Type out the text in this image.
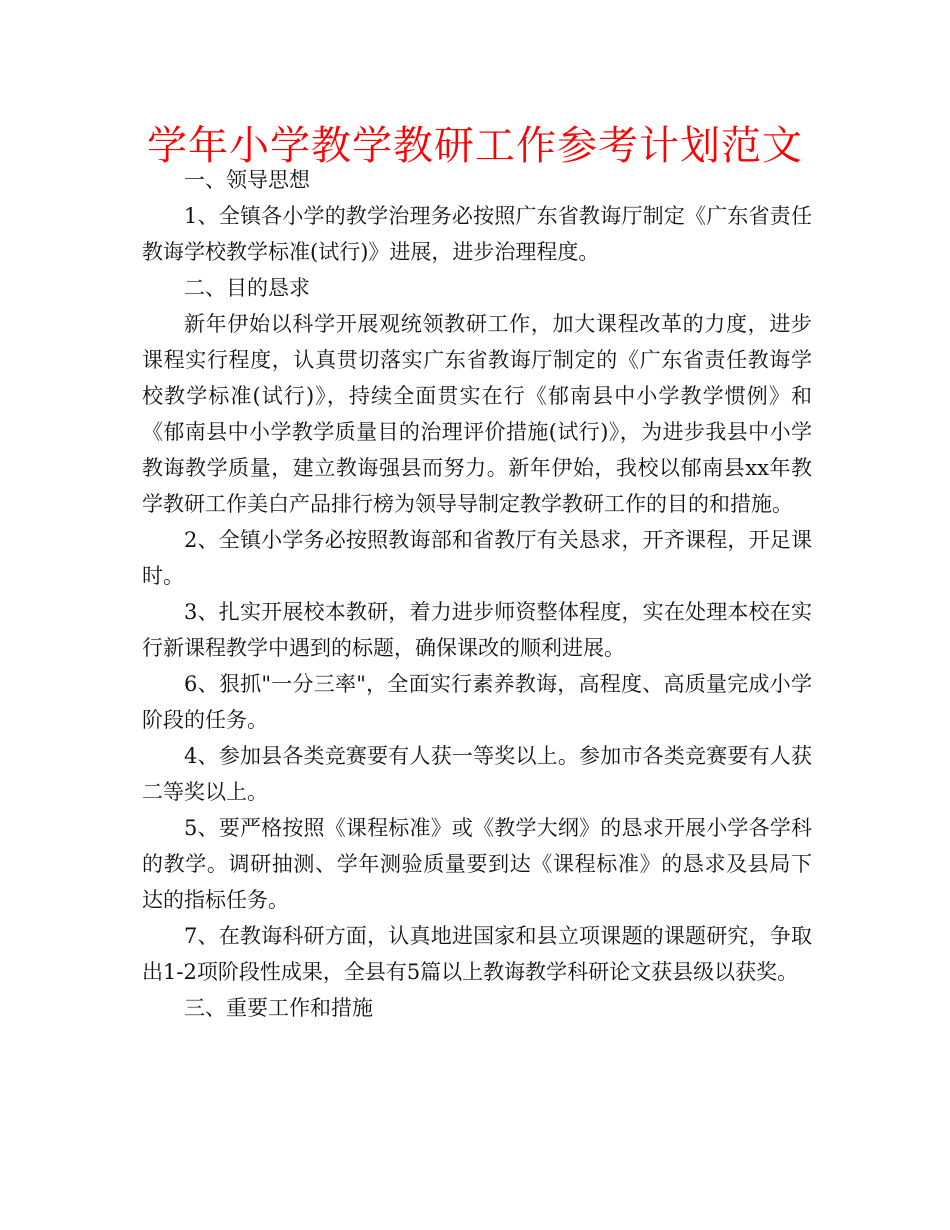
学年小学教学教研工作参考计划范文

一、领导思想

1、全镇各小学的教学治理务必按照广东省教诲厅制定《广东省责任教诲学校教学标准(试行)》进展，进步治理程度。

二、目的恳求

新年伊始以科学开展观统领教研工作，加大课程改革的力度，进步课程实行程度，认真贯切落实广东省教诲厅制定的《广东省责任教诲学校教学标准(试行)》，持续全面贯实在行《郁南县中小学教学惯例》和《郁南县中小学教学质量目的治理评价措施(试行)》，为进步我县中小学教诲教学质量，建立教诲强县而努力。新年伊始，我校以郁南县xx年教学教研工作美白产品排行榜为领导导制定教学教研工作的目的和措施。

2、全镇小学务必按照教诲部和省教厅有关恳求，开齐课程，开足课时。

3、扎实开展校本教研，着力进步师资整体程度，实在处理本校在实行新课程教学中遇到的标题，确保课改的顺利进展。

6、狠抓"一分三率"，全面实行素养教诲，高程度、高质量完成小学阶段的任务。

4、参加县各类竞赛要有人获一等奖以上。参加市各类竞赛要有人获二等奖以上。

5、要严格按照《课程标准》或《教学大纲》的恳求开展小学各学科的教学。调研抽测、学年测验质量要到达《课程标准》的恳求及县局下达的指标任务。

7、在教诲科研方面，认真地进国家和县立项课题的课题研究，争取出1-2项阶段性成果，全县有5篇以上教诲教学科研论文获县级以获奖。

三、重要工作和措施
